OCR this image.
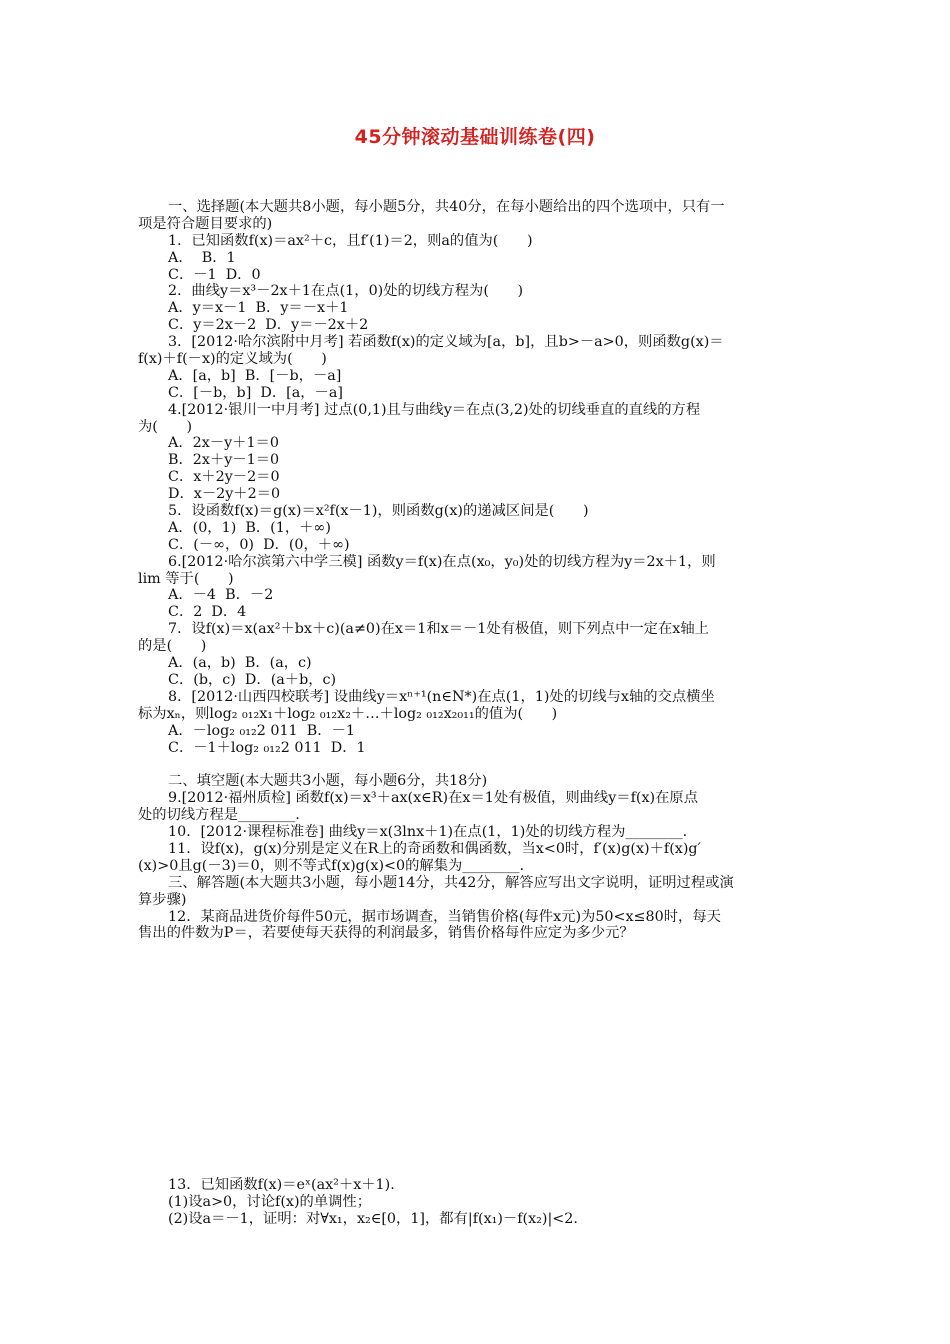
45分钟滚动基础训练卷(四)
一、选择题(本大题共8小题，每小题5分，共40分，在每小题给出的四个选项中，只有一
项是符合题目要求的)
1．已知函数f(x)＝ax²＋c，且f′(1)＝2，则a的值为(　　)
A．  B．1
C．－1  D．0
2．曲线y＝x³－2x＋1在点(1，0)处的切线方程为(　　)
A．y＝x－1  B．y＝－x＋1
C．y＝2x－2  D．y＝－2x＋2
3．[2012·哈尔滨附中月考] 若函数f(x)的定义域为[a，b]，且b>－a>0，则函数g(x)＝
f(x)＋f(－x)的定义域为(　　)
A．[a，b]  B．[－b，－a]
C．[－b，b]  D．[a，－a]
4.[2012·银川一中月考] 过点(0,1)且与曲线y＝在点(3,2)处的切线垂直的直线的方程
为(　　)
A．2x－y＋1＝0
B．2x＋y－1＝0
C．x＋2y－2＝0
D．x－2y＋2＝0
5．设函数f(x)＝g(x)＝x²f(x－1)，则函数g(x)的递减区间是(　　)
A．(0，1)  B．(1，＋∞)
C．(－∞，0)  D．(0，＋∞)
6.[2012·哈尔滨第六中学三模] 函数y＝f(x)在点(x₀，y₀)处的切线方程为y＝2x＋1，则
lim 等于(　　)
A．－4  B．－2
C．2  D．4
7．设f(x)＝x(ax²＋bx＋c)(a≠0)在x＝1和x＝－1处有极值，则下列点中一定在x轴上
的是(　　)
A．(a，b)  B．(a，c)
C．(b，c)  D．(a＋b，c)
8．[2012·山西四校联考] 设曲线y＝xⁿ⁺¹(n∈N*)在点(1，1)处的切线与x轴的交点横坐
标为xₙ，则log₂ ₀₁₂x₁＋log₂ ₀₁₂x₂＋…＋log₂ ₀₁₂x₂₀₁₁的值为(　　)
A．－log₂ ₀₁₂2 011  B．－1
C．－1＋log₂ ₀₁₂2 011  D．1
二、填空题(本大题共3小题，每小题6分，共18分)
9.[2012·福州质检] 函数f(x)＝x³＋ax(x∈R)在x＝1处有极值，则曲线y＝f(x)在原点
处的切线方程是________.
10．[2012·课程标准卷] 曲线y＝x(3lnx＋1)在点(1，1)处的切线方程为________.
11．设f(x)，g(x)分别是定义在R上的奇函数和偶函数，当x<0时，f′(x)g(x)＋f(x)g′
(x)>0且g(－3)＝0，则不等式f(x)g(x)<0的解集为________.
三、解答题(本大题共3小题，每小题14分，共42分，解答应写出文字说明，证明过程或演
算步骤)
12．某商品进货价每件50元，据市场调查，当销售价格(每件x元)为50<x≤80时，每天
售出的件数为P＝，若要使每天获得的利润最多，销售价格每件应定为多少元？
13．已知函数f(x)＝eˣ(ax²＋x＋1).
(1)设a>0，讨论f(x)的单调性；
(2)设a＝－1，证明：对∀x₁，x₂∈[0，1]，都有|f(x₁)－f(x₂)|<2.
